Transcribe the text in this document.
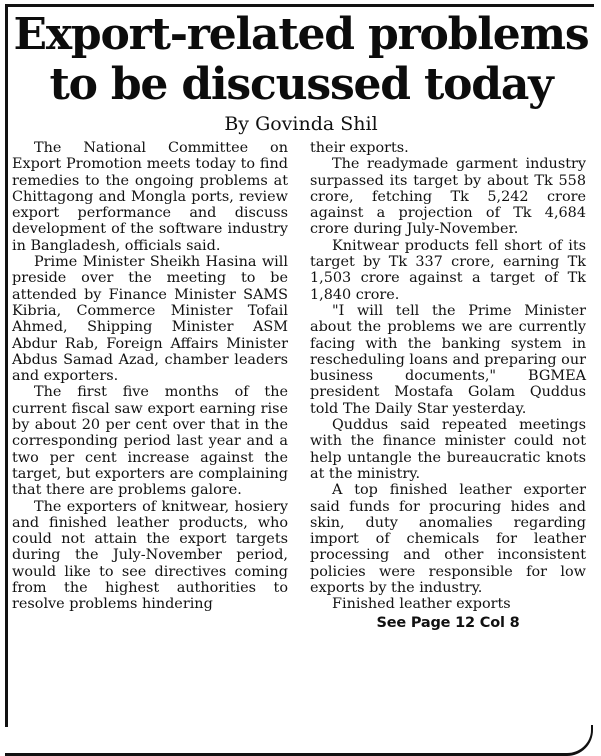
Export-related problems
to be discussed today
By Govinda Shil

The National Committee on Export Promotion meets today to find remedies to the ongoing problems at Chittagong and Mongla ports, review export performance and discuss development of the software industry in Bangladesh, officials said.

Prime Minister Sheikh Hasina will preside over the meeting to be attended by Finance Minister SAMS Kibria, Commerce Minister Tofail Ahmed, Shipping Minister ASM Abdur Rab, Foreign Affairs Minister Abdus Samad Azad, chamber leaders and exporters.

The first five months of the current fiscal saw export earning rise by about 20 per cent over that in the corresponding period last year and a two per cent increase against the target, but exporters are complaining that there are problems galore.

The exporters of knitwear, hosiery and finished leather products, who could not attain the export targets during the July-November period, would like to see directives coming from the highest authorities to resolve problems hindering

their exports.

The readymade garment industry surpassed its target by about Tk 558 crore, fetching Tk 5,242 crore against a projection of Tk 4,684 crore during July-November.

Knitwear products fell short of its target by Tk 337 crore, earning Tk 1,503 crore against a target of Tk 1,840 crore.

"I will tell the Prime Minister about the problems we are currently facing with the banking system in rescheduling loans and preparing our business documents," BGMEA president Mostafa Golam Quddus told The Daily Star yesterday.

Quddus said repeated meetings with the finance minister could not help untangle the bureaucratic knots at the ministry.

A top finished leather exporter said funds for procuring hides and skin, duty anomalies regarding import of chemicals for leather processing and other inconsistent policies were responsible for low exports by the industry.

Finished leather exports

See Page 12 Col 8
